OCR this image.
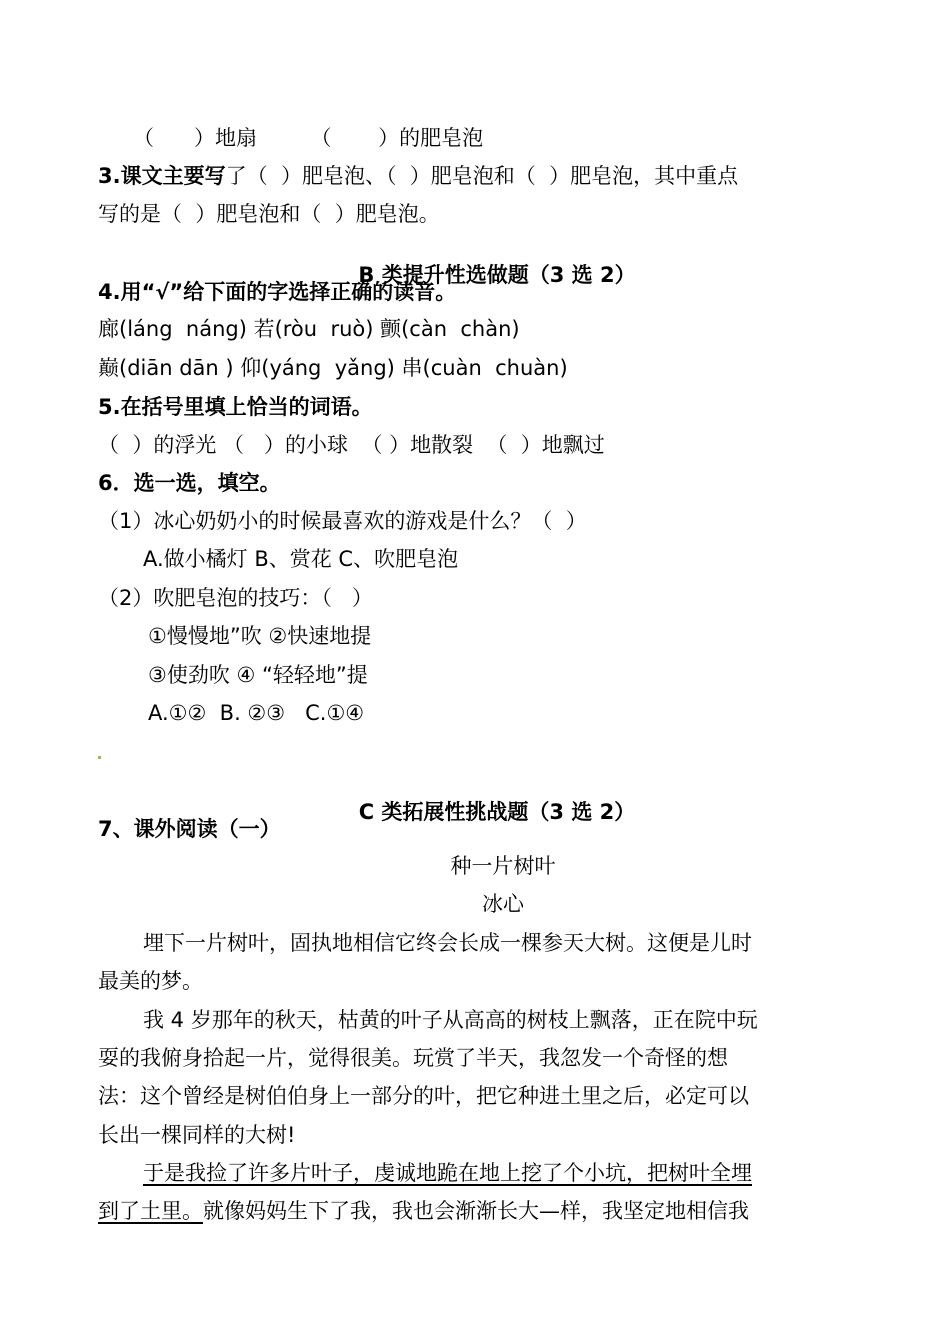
（      ）地扇        （       ）的肥皂泡
3.课文主要写了（  ）肥皂泡、（  ）肥皂泡和（  ）肥皂泡，其中重点
写的是（  ）肥皂泡和（  ）肥皂泡。
B 类提升性选做题（3 选 2）
4.用“√”给下面的字选择正确的读音。
廊(láng  náng) 若(ròu  ruò) 颤(càn  chàn)
巅(diān dān ) 仰(yáng  yǎng) 串(cuàn  chuàn)
5.在括号里填上恰当的词语。
（  ）的浮光 （   ）的小球  （ ）地散裂  （  ）地飘过
6．选一选，填空。
（1）冰心奶奶小的时候最喜欢的游戏是什么？（  ）
A.做小橘灯 B、赏花 C、吹肥皂泡
（2）吹肥皂泡的技巧：（   ）
①慢慢地”吹 ②快速地提
③使劲吹 ④ “轻轻地”提
A.①②  B. ②③   C.①④
C 类拓展性挑战题（3 选 2）
7、课外阅读（一）
种一片树叶
冰心
埋下一片树叶，固执地相信它终会长成一棵参天大树。这便是儿时
最美的梦。
我 4 岁那年的秋天，枯黄的叶子从高高的树枝上飘落，正在院中玩
耍的我俯身拾起一片，觉得很美。玩赏了半天，我忽发一个奇怪的想
法：这个曾经是树伯伯身上一部分的叶，把它种进土里之后，必定可以
长出一棵同样的大树!
于是我捡了许多片叶子，虔诚地跪在地上挖了个小坑，把树叶全埋
到了土里。就像妈妈生下了我，我也会渐渐长大—样，我坚定地相信我
